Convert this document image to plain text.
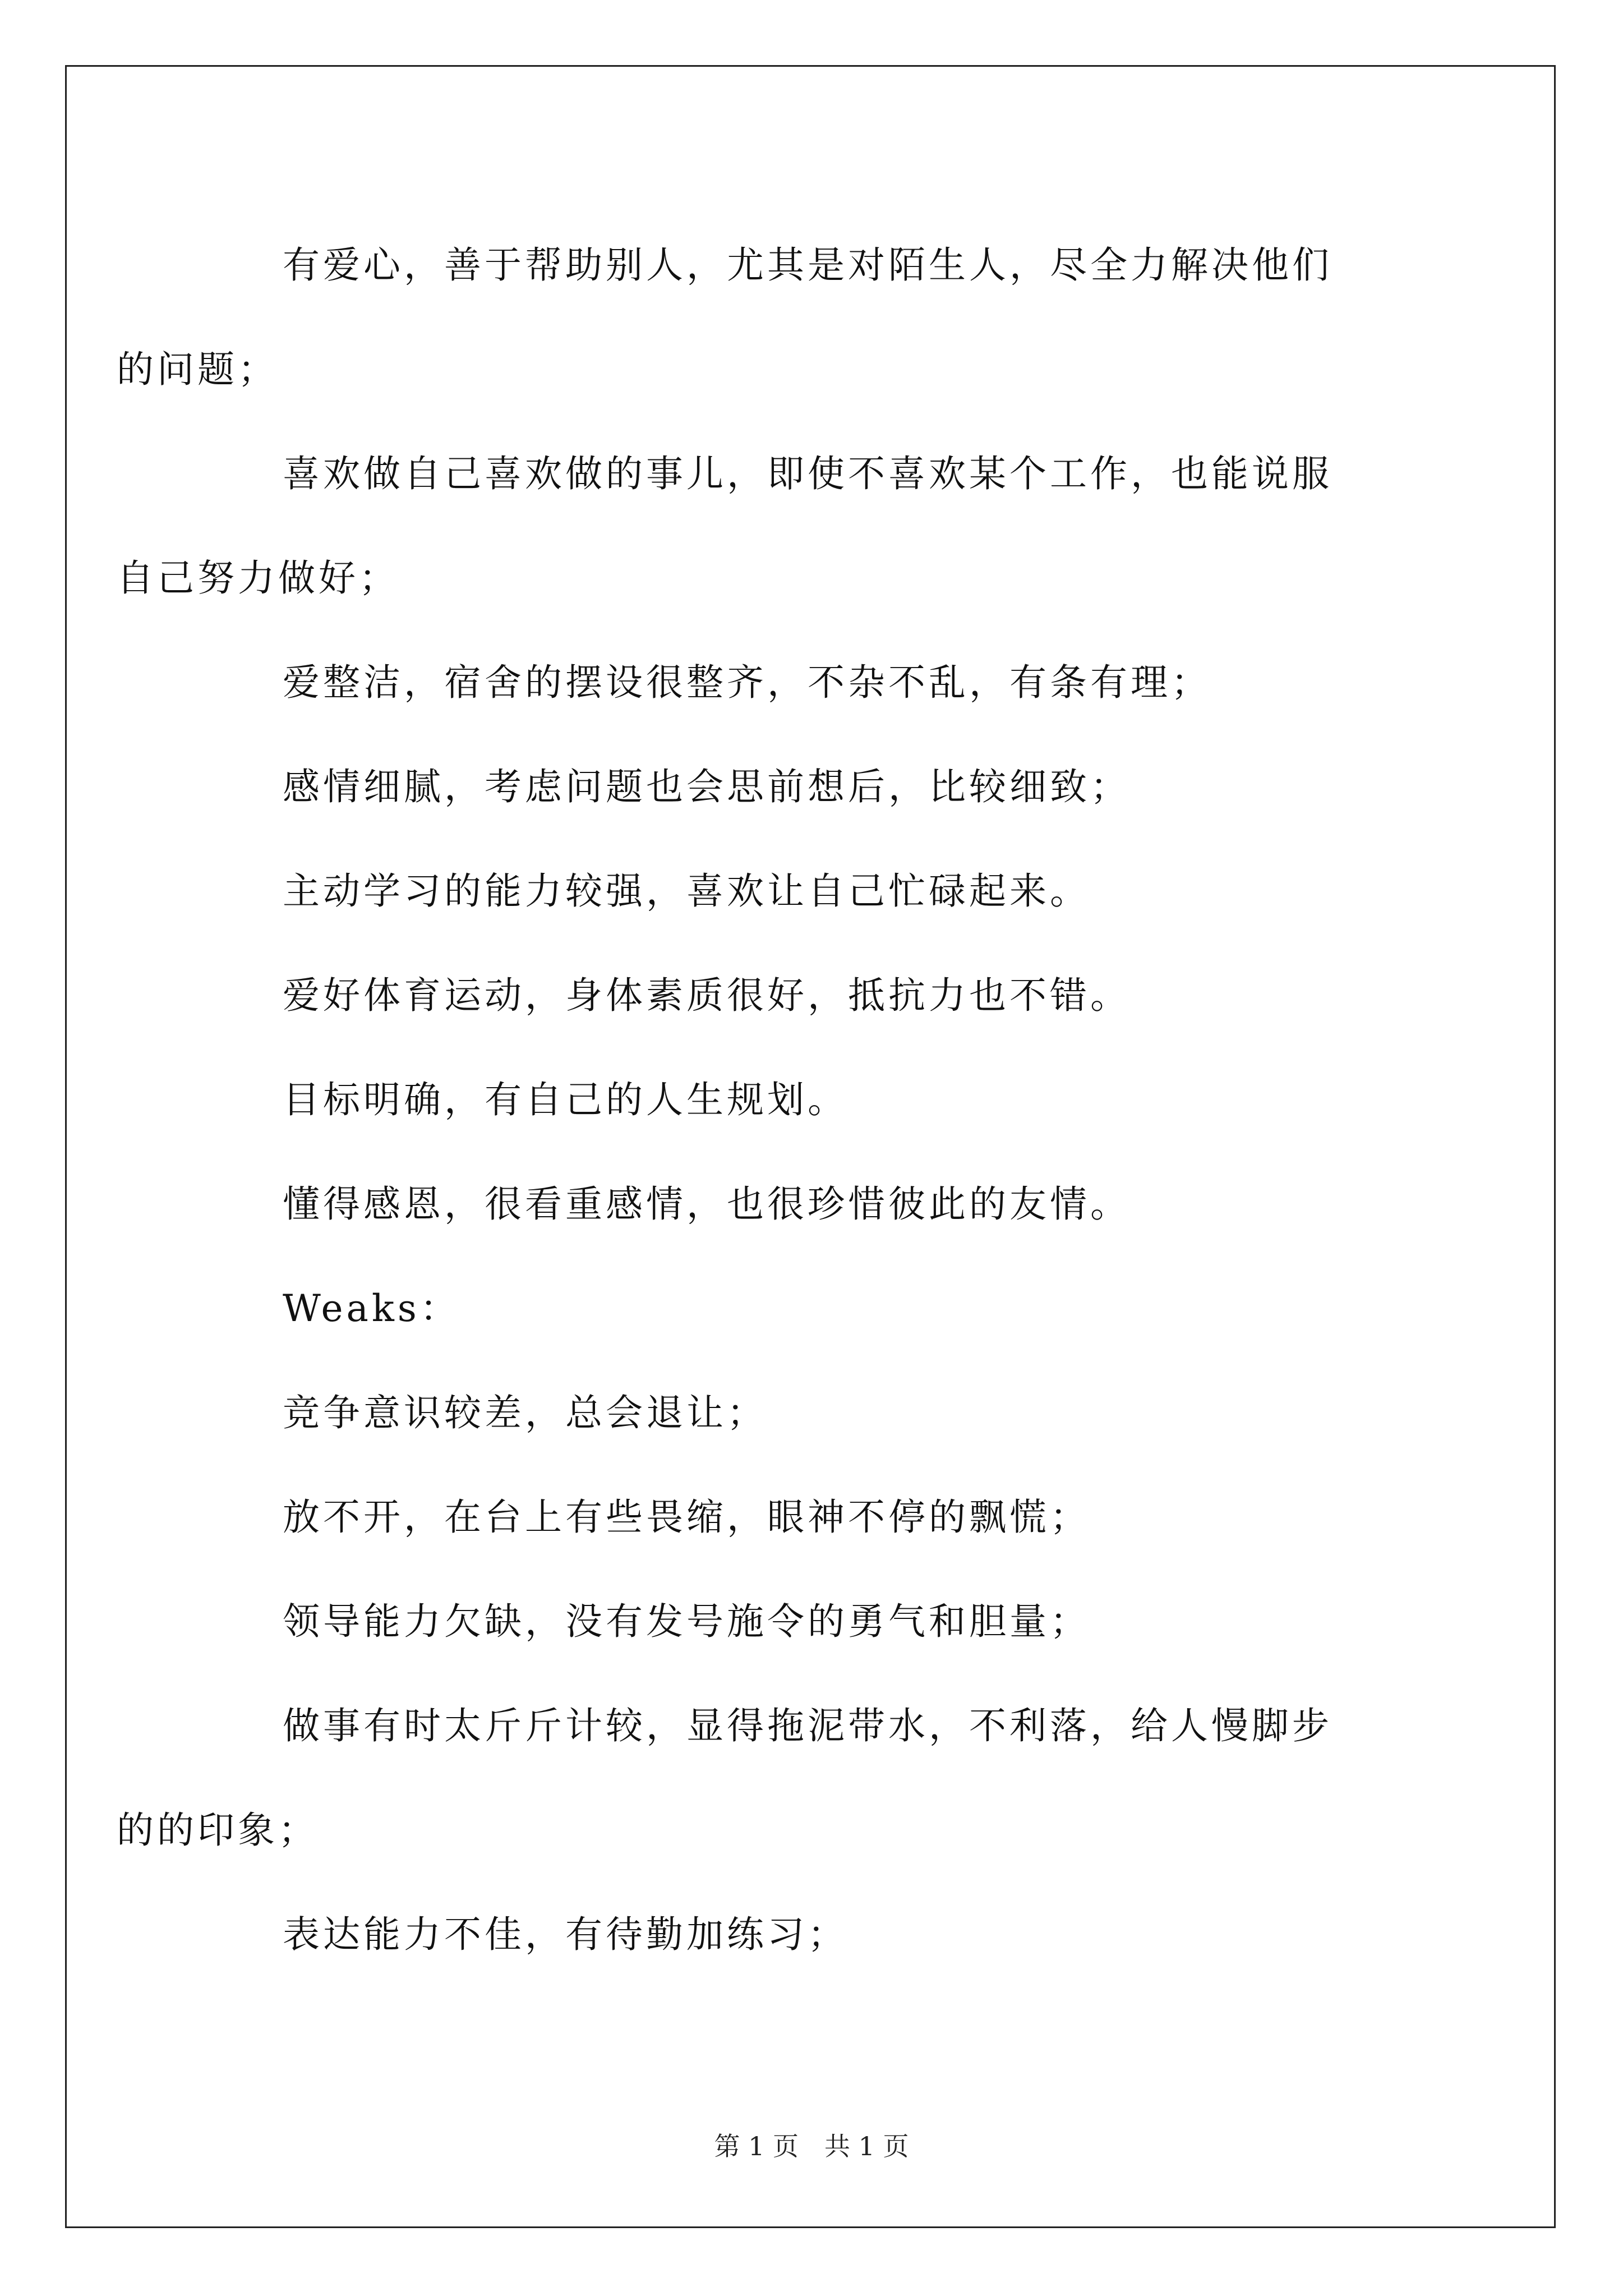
有爱心，善于帮助别人，尤其是对陌生人，尽全力解决他们的问题；

喜欢做自己喜欢做的事儿，即使不喜欢某个工作，也能说服自己努力做好；

爱整洁，宿舍的摆设很整齐，不杂不乱，有条有理；

感情细腻，考虑问题也会思前想后，比较细致；

主动学习的能力较强，喜欢让自己忙碌起来。

爱好体育运动，身体素质很好，抵抗力也不错。

目标明确，有自己的人生规划。

懂得感恩，很看重感情，也很珍惜彼此的友情。

Weaks：

竞争意识较差，总会退让；

放不开，在台上有些畏缩，眼神不停的飘慌；

领导能力欠缺，没有发号施令的勇气和胆量；

做事有时太斤斤计较，显得拖泥带水，不利落，给人慢脚步的的印象；

表达能力不佳，有待勤加练习；

第 1 页　共 1 页
